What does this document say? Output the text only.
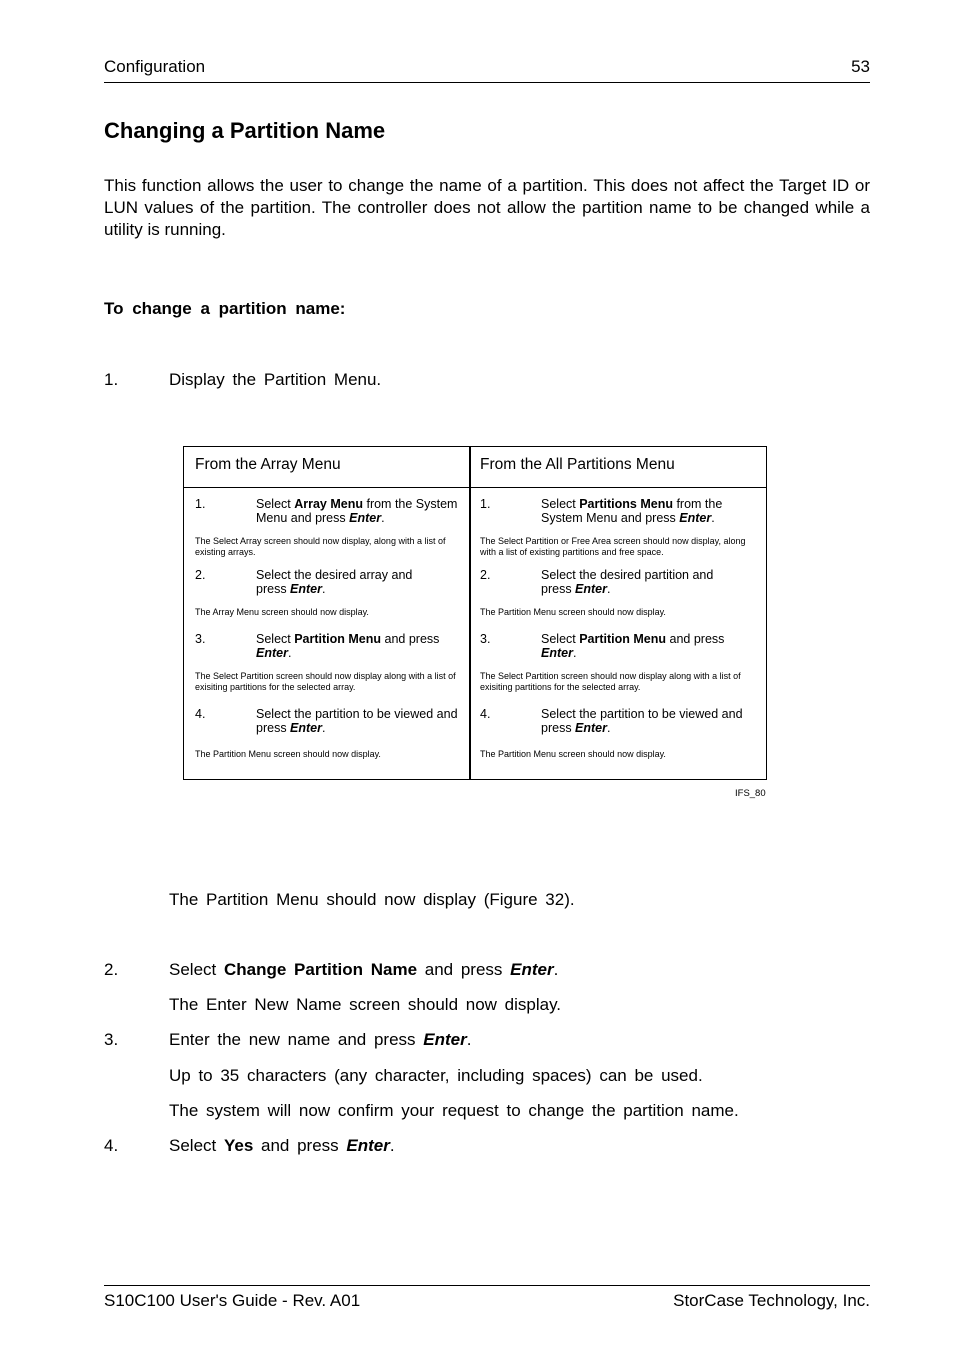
Configuration	53
Changing a Partition Name

This function allows the user to change the name of a partition. This does not affect the Target ID or LUN values of the partition. The controller does not allow the partition name to be changed while a utility is running.

To change a partition name:
1.	Display the Partition Menu.
From the Array Menu
1.	Select Array Menu from the System Menu and press Enter.
The Select Array screen should now display, along with a list of existing arrays.
2.	Select the desired array and press Enter.
The Array Menu screen should now display.
3.	Select Partition Menu and press
Enter.
The Select Partition screen should now display along with a list of exisiting partitions for the selected array.
4.	Select the partition to be viewed and press Enter.
The Partition Menu screen should now display.
From the All Partitions Menu
1.	Select Partitions Menu from the System Menu and press Enter.
The Select Partition or Free Area screen should now display, along with a list of existing partitions and free space.
2.	Select the desired partition and press Enter.
The Partition Menu screen should now display.
3.	Select Partition Menu and press
Enter.
The Select Partition screen should now display along with a list of exisiting partitions for the selected array.
4.	Select the partition to be viewed and press Enter.
The Partition Menu screen should now display.
IFS_80
The Partition Menu should now display (Figure 32).
2.	Select Change Partition Name and press Enter.
The Enter New Name screen should now display.
3.	Enter the new name and press Enter.
Up to 35 characters (any character, including spaces) can be used.
The system will now confirm your request to change the partition name.
4.	Select Yes and press Enter.
S10C100 User's Guide - Rev. A01	StorCase Technology, Inc.
